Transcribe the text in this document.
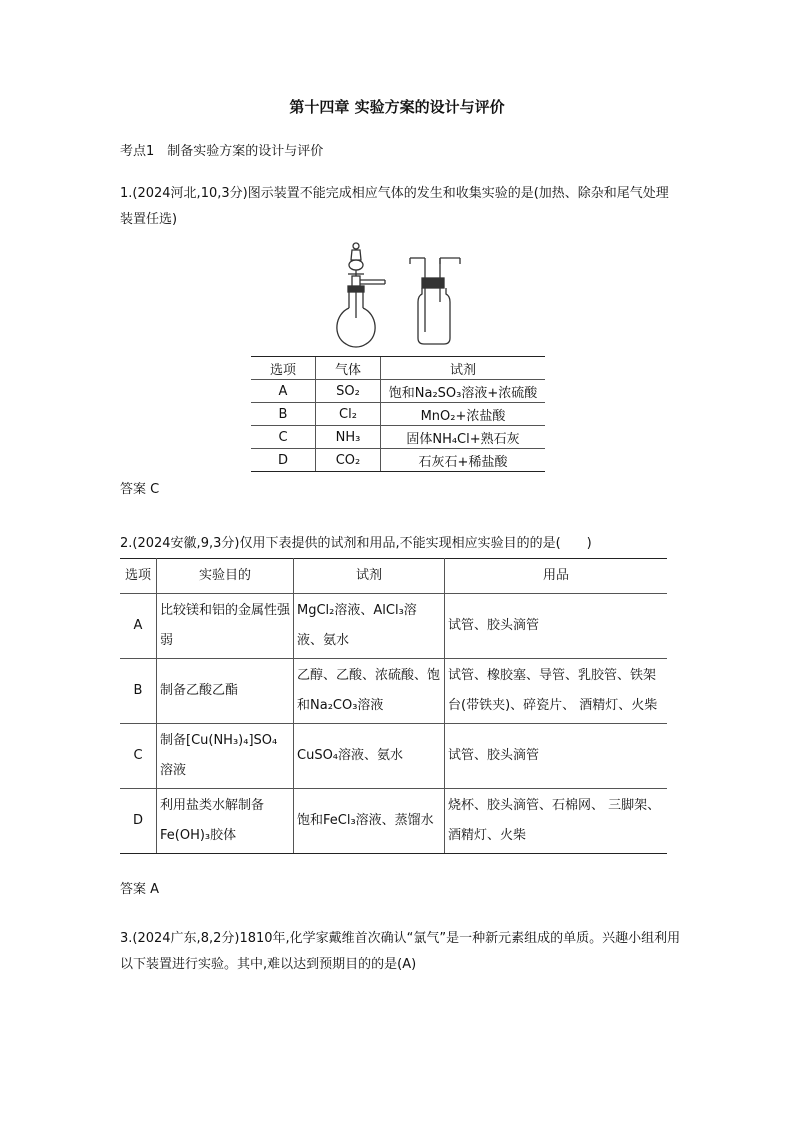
第十四章 实验方案的设计与评价
考点1　制备实验方案的设计与评价
1.(2024河北,10,3分)图示装置不能完成相应气体的发生和收集实验的是(加热、除杂和尾气处理装置任选)
选项	气体	试剂
A	SO₂	饱和Na₂SO₃溶液+浓硫酸
B	Cl₂	MnO₂+浓盐酸
C	NH₃	固体NH₄Cl+熟石灰
D	CO₂	石灰石+稀盐酸
答案 C
2.(2024安徽,9,3分)仅用下表提供的试剂和用品,不能实现相应实验目的的是(　　)
选项	实验目的	试剂	用品
A	比较镁和铝的金属性强弱	MgCl₂溶液、AlCl₃溶液、氨水	试管、胶头滴管
B	制备乙酸乙酯	乙醇、乙酸、浓硫酸、饱和Na₂CO₃溶液	试管、橡胶塞、导管、乳胶管、铁架台(带铁夹)、碎瓷片、 酒精灯、火柴
C	制备[Cu(NH₃)₄]SO₄溶液	CuSO₄溶液、氨水	试管、胶头滴管
D	利用盐类水解制备Fe(OH)₃胶体	饱和FeCl₃溶液、蒸馏水	烧杯、胶头滴管、石棉网、 三脚架、酒精灯、火柴
答案 A
3.(2024广东,8,2分)1810年,化学家戴维首次确认“氯气”是一种新元素组成的单质。兴趣小组利用以下装置进行实验。其中,难以达到预期目的的是(A)
